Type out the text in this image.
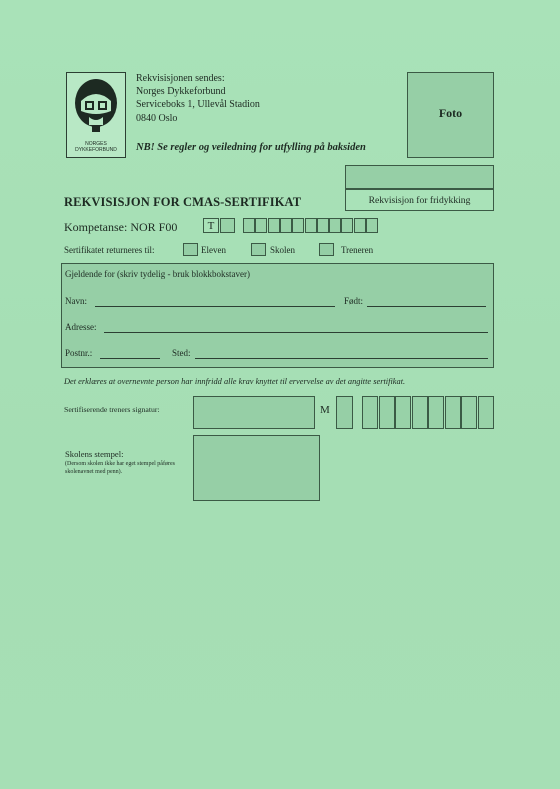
NORGES DYKKEFORBUND
Rekvisisjonen sendes:
Norges Dykkeforbund
Serviceboks 1, Ullevål Stadion
0840 Oslo
NB! Se regler og veiledning for utfylling på baksiden
Foto
REKVISISJON FOR CMAS-SERTIFIKAT	Rekvisisjon for fridykking
Kompetanse: NOR F00	T
Sertifikatet returneres til:	Eleven	Skolen	Treneren
Gjeldende for (skriv tydelig - bruk blokkbokstaver)
Navn:	Født:
Adresse:
Postnr.:	Sted:
Det erklæres at overnevnte person har innfridd alle krav knyttet til ervervelse av det angitte sertifikat.
Sertifiserende treners signatur:	M
Skolens stempel:
(Dersom skolen ikke har eget stempel påføres skolenavnet med penn).
